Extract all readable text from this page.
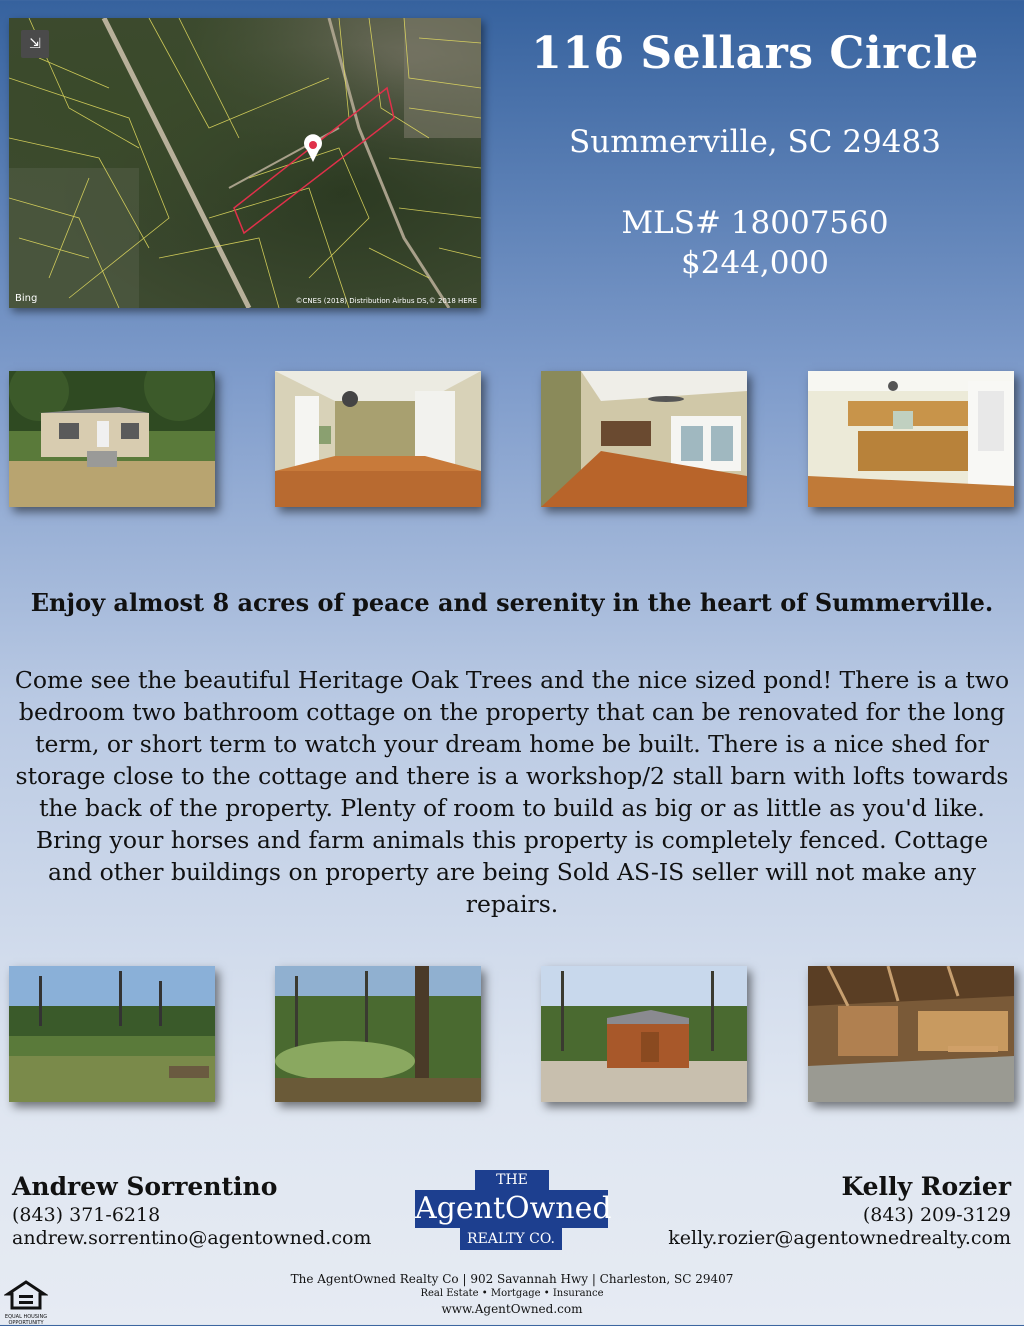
⇲
Bing	©CNES (2018) Distribution Airbus DS,© 2018 HERE
116 Sellars Circle
Summerville, SC 29483
MLS# 18007560
$244,000
Enjoy almost 8 acres of peace and serenity in the heart of Summerville.
Come see the beautiful Heritage Oak Trees and the nice sized pond! There is a two bedroom two bathroom cottage on the property that can be renovated for the long term, or short term to watch your dream home be built. There is a nice shed for storage close to the cottage and there is a workshop/2 stall barn with lofts towards the back of the property. Plenty of room to build as big or as little as you'd like. Bring your horses and farm animals this property is completely fenced. Cottage and other buildings on property are being Sold AS-IS seller will not make any repairs.
Andrew Sorrentino
(843) 371-6218
andrew.sorrentino@agentowned.com
THE
AgentOwned
REALTY CO.
Kelly Rozier
(843) 209-3129
kelly.rozier@agentownedrealty.com
The AgentOwned Realty Co | 902 Savannah Hwy | Charleston, SC 29407
Real Estate • Mortgage • Insurance
www.AgentOwned.com
EQUAL HOUSING OPPORTUNITY
